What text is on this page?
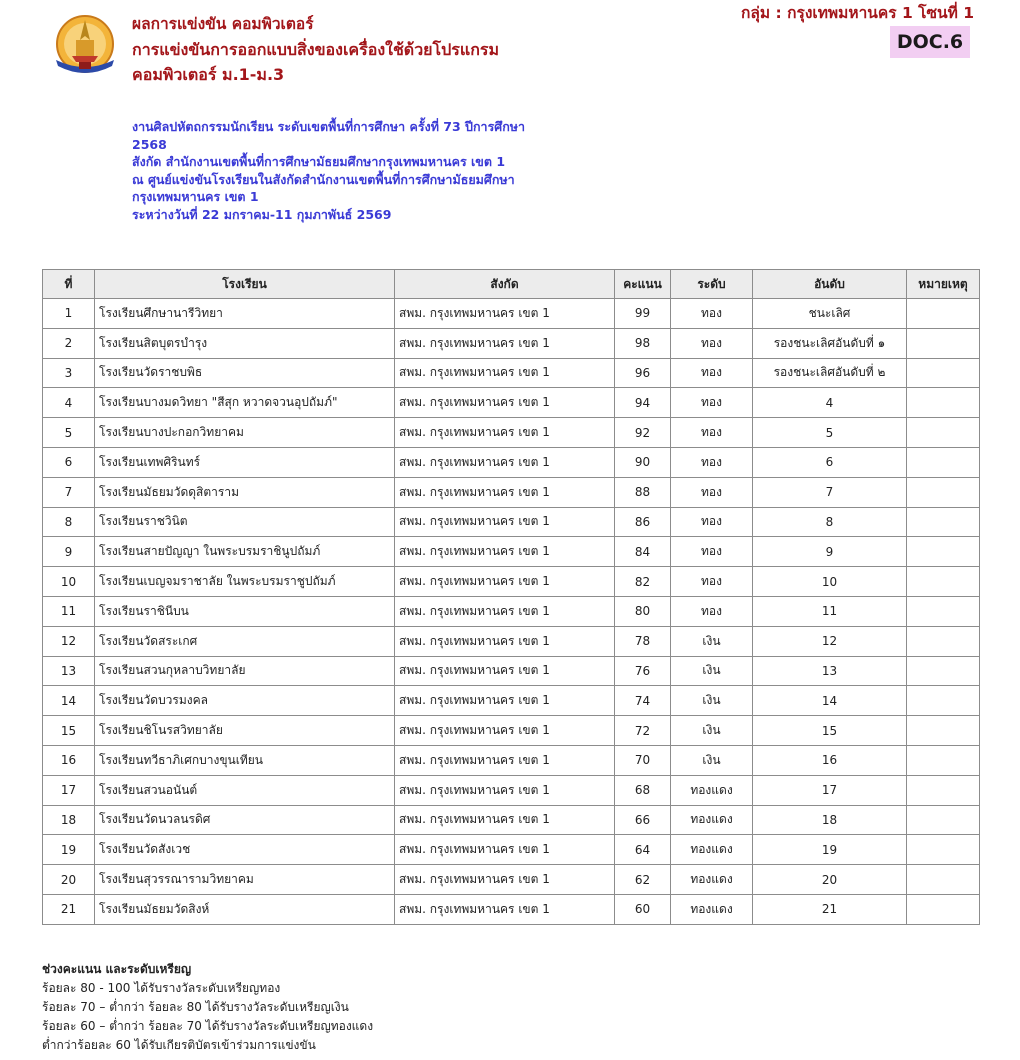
ผลการแข่งขัน คอมพิวเตอร์
การแข่งขันการออกแบบสิ่งของเครื่องใช้ด้วยโปรแกรม
คอมพิวเตอร์ ม.1-ม.3
กลุ่ม : กรุงเทพมหานคร 1 โซนที่ 1
DOC.6
งานศิลปหัตถกรรมนักเรียน ระดับเขตพื้นที่การศึกษา ครั้งที่ 73 ปีการศึกษา
2568
สังกัด สำนักงานเขตพื้นที่การศึกษามัธยมศึกษากรุงเทพมหานคร เขต 1
ณ ศูนย์แข่งขันโรงเรียนในสังกัดสำนักงานเขตพื้นที่การศึกษามัธยมศึกษา
กรุงเทพมหานคร เขต 1
ระหว่างวันที่ 22 มกราคม-11 กุมภาพันธ์ 2569
ที่	โรงเรียน	สังกัด	คะแนน	ระดับ	อันดับ	หมายเหตุ
1	โรงเรียนศึกษานารีวิทยา	สพม. กรุงเทพมหานคร เขต 1	99	ทอง	ชนะเลิศ	
2	โรงเรียนสิตบุตรบำรุง	สพม. กรุงเทพมหานคร เขต 1	98	ทอง	รองชนะเลิศอันดับที่ ๑	
3	โรงเรียนวัดราชบพิธ	สพม. กรุงเทพมหานคร เขต 1	96	ทอง	รองชนะเลิศอันดับที่ ๒	
4	โรงเรียนบางมดวิทยา "สีสุก หวาดจวนอุปถัมภ์"	สพม. กรุงเทพมหานคร เขต 1	94	ทอง	4	
5	โรงเรียนบางปะกอกวิทยาคม	สพม. กรุงเทพมหานคร เขต 1	92	ทอง	5	
6	โรงเรียนเทพศิรินทร์	สพม. กรุงเทพมหานคร เขต 1	90	ทอง	6	
7	โรงเรียนมัธยมวัดดุสิตาราม	สพม. กรุงเทพมหานคร เขต 1	88	ทอง	7	
8	โรงเรียนราชวินิต	สพม. กรุงเทพมหานคร เขต 1	86	ทอง	8	
9	โรงเรียนสายปัญญา ในพระบรมราชินูปถัมภ์	สพม. กรุงเทพมหานคร เขต 1	84	ทอง	9	
10	โรงเรียนเบญจมราชาลัย ในพระบรมราชูปถัมภ์	สพม. กรุงเทพมหานคร เขต 1	82	ทอง	10	
11	โรงเรียนราชินีบน	สพม. กรุงเทพมหานคร เขต 1	80	ทอง	11	
12	โรงเรียนวัดสระเกศ	สพม. กรุงเทพมหานคร เขต 1	78	เงิน	12	
13	โรงเรียนสวนกุหลาบวิทยาลัย	สพม. กรุงเทพมหานคร เขต 1	76	เงิน	13	
14	โรงเรียนวัดบวรมงคล	สพม. กรุงเทพมหานคร เขต 1	74	เงิน	14	
15	โรงเรียนชิโนรสวิทยาลัย	สพม. กรุงเทพมหานคร เขต 1	72	เงิน	15	
16	โรงเรียนทวีธาภิเศกบางขุนเทียน	สพม. กรุงเทพมหานคร เขต 1	70	เงิน	16	
17	โรงเรียนสวนอนันต์	สพม. กรุงเทพมหานคร เขต 1	68	ทองแดง	17	
18	โรงเรียนวัดนวลนรดิศ	สพม. กรุงเทพมหานคร เขต 1	66	ทองแดง	18	
19	โรงเรียนวัดสังเวช	สพม. กรุงเทพมหานคร เขต 1	64	ทองแดง	19	
20	โรงเรียนสุวรรณารามวิทยาคม	สพม. กรุงเทพมหานคร เขต 1	62	ทองแดง	20	
21	โรงเรียนมัธยมวัดสิงห์	สพม. กรุงเทพมหานคร เขต 1	60	ทองแดง	21	
ช่วงคะแนน และระดับเหรียญ
ร้อยละ 80 - 100 ได้รับรางวัลระดับเหรียญทอง
ร้อยละ 70 – ต่ำกว่า ร้อยละ 80 ได้รับรางวัลระดับเหรียญเงิน
ร้อยละ 60 – ต่ำกว่า ร้อยละ 70 ได้รับรางวัลระดับเหรียญทองแดง
ต่ำกว่าร้อยละ 60 ได้รับเกียรติบัตรเข้าร่วมการแข่งขัน
